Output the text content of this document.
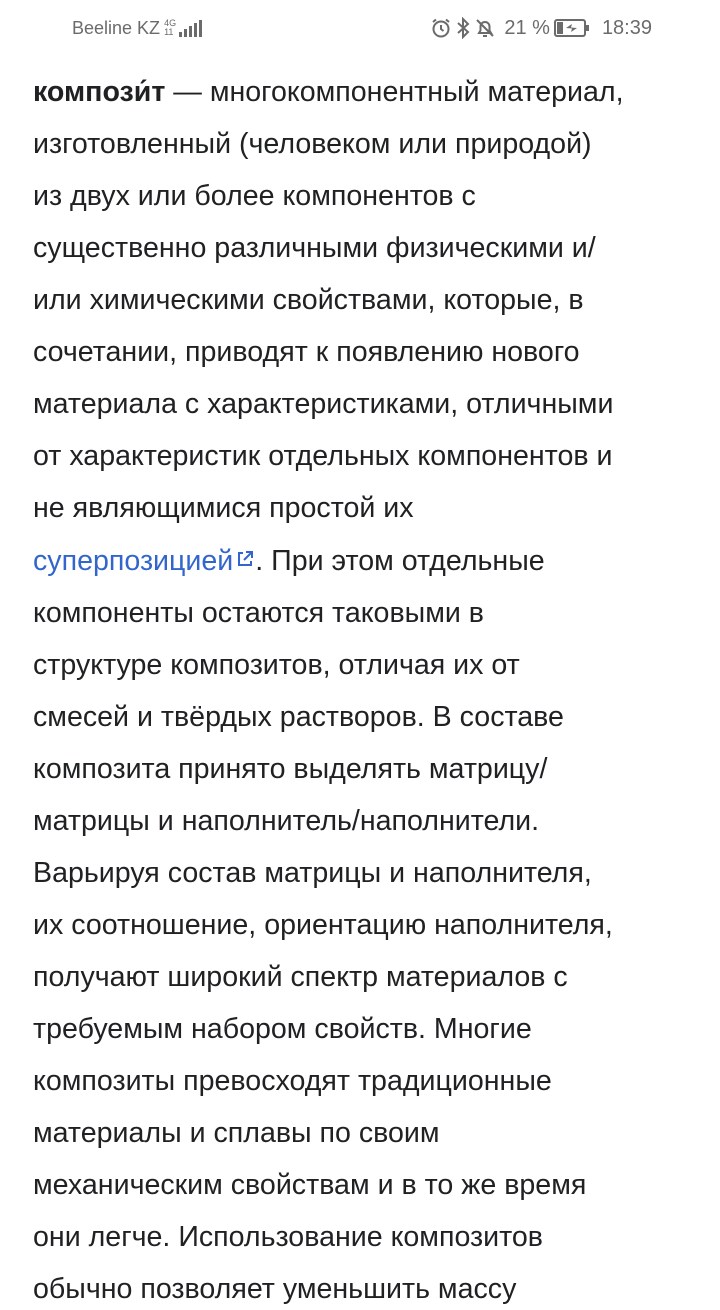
Beeline KZ 4G
11	21 %	18:39

компози́т — многокомпонентный материал,
изготовленный (человеком или природой)
из двух или более компонентов с
существенно различными физическими и/
или химическими свойствами, которые, в
сочетании, приводят к появлению нового
материала с характеристиками, отличными
от характеристик отдельных компонентов и
не являющимися простой их
суперпозицией . При этом отдельные
компоненты остаются таковыми в
структуре композитов, отличая их от
смесей и твёрдых растворов. В составе
композита принято выделять матрицу/
матрицы и наполнитель/наполнители.
Варьируя состав матрицы и наполнителя,
их соотношение, ориентацию наполнителя,
получают широкий спектр материалов с
требуемым набором свойств. Многие
композиты превосходят традиционные
материалы и сплавы по своим
механическим свойствам и в то же время
они легче. Использование композитов
обычно позволяет уменьшить массу
